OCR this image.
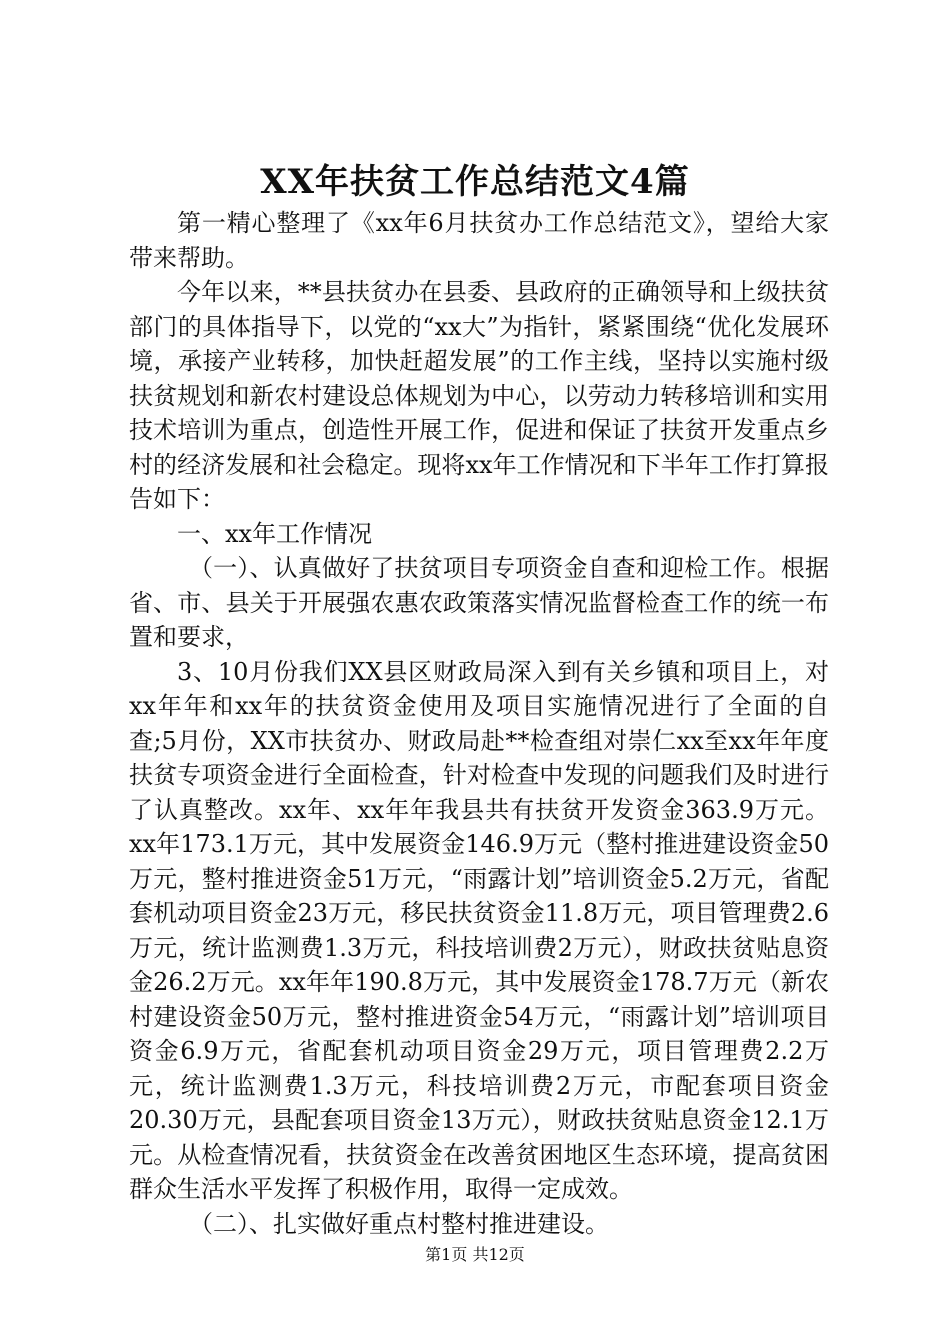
XX年扶贫工作总结范文4篇

第一精心整理了《xx年6月扶贫办工作总结范文》，望给大家带来帮助。

今年以来，**县扶贫办在县委、县政府的正确领导和上级扶贫部门的具体指导下，以党的“xx大”为指针，紧紧围绕“优化发展环境，承接产业转移，加快赶超发展”的工作主线，坚持以实施村级扶贫规划和新农村建设总体规划为中心，以劳动力转移培训和实用技术培训为重点，创造性开展工作，促进和保证了扶贫开发重点乡村的经济发展和社会稳定。现将xx年工作情况和下半年工作打算报告如下：

一、xx年工作情况

（一）、认真做好了扶贫项目专项资金自查和迎检工作。根据省、市、县关于开展强农惠农政策落实情况监督检查工作的统一布置和要求，

3、10月份我们XX县区财政局深入到有关乡镇和项目上，对xx年年和xx年的扶贫资金使用及项目实施情况进行了全面的自查;5月份，XX市扶贫办、财政局赴**检查组对崇仁xx至xx年年度扶贫专项资金进行全面检查，针对检查中发现的问题我们及时进行了认真整改。xx年、xx年年我县共有扶贫开发资金363.9万元。xx年173.1万元，其中发展资金146.9万元（整村推进建设资金50万元，整村推进资金51万元，“雨露计划”培训资金5.2万元，省配套机动项目资金23万元，移民扶贫资金11.8万元，项目管理费2.6万元，统计监测费1.3万元，科技培训费2万元），财政扶贫贴息资金26.2万元。xx年年190.8万元，其中发展资金178.7万元（新农村建设资金50万元，整村推进资金54万元，“雨露计划”培训项目资金6.9万元，省配套机动项目资金29万元，项目管理费2.2万元，统计监测费1.3万元，科技培训费2万元，市配套项目资金20.30万元，县配套项目资金13万元），财政扶贫贴息资金12.1万元。从检查情况看，扶贫资金在改善贫困地区生态环境，提高贫困群众生活水平发挥了积极作用，取得一定成效。

（二）、扎实做好重点村整村推进建设。

第1页 共12页
